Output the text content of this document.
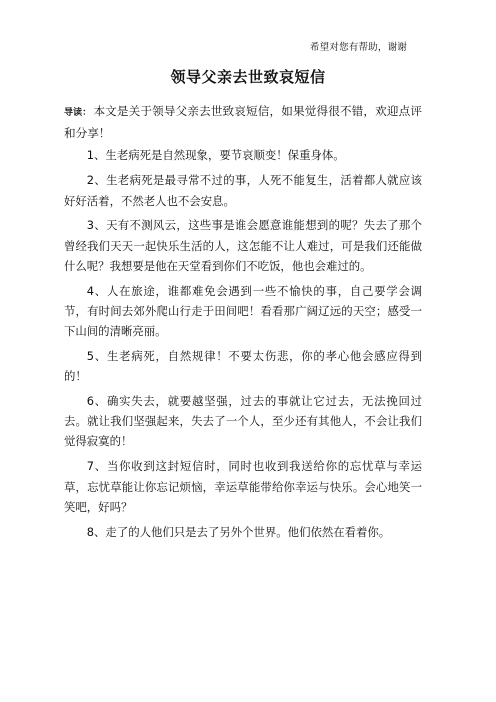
希望对您有帮助，谢谢
领导父亲去世致哀短信

导读： 本文是关于领导父亲去世致哀短信，如果觉得很不错，欢迎点评和分享！

1、生老病死是自然现象，要节哀顺变！保重身体。

2、生老病死是最寻常不过的事，人死不能复生，活着都人就应该好好活着，不然老人也不会安息。

3、天有不测风云，这些事是谁会愿意谁能想到的呢？失去了那个曾经我们天天一起快乐生活的人，这怎能不让人难过，可是我们还能做什么呢？我想要是他在天堂看到你们不吃饭，他也会难过的。

4、人在旅途，谁都难免会遇到一些不愉快的事，自己要学会调节，有时间去郊外爬山行走于田间吧！看看那广阔辽远的天空；感受一下山间的清晰亮丽。

5、生老病死，自然规律！不要太伤悲，你的孝心他会感应得到的！

6、确实失去，就要越坚强，过去的事就让它过去，无法挽回过去。就让我们坚强起来，失去了一个人，至少还有其他人，不会让我们觉得寂寞的！

7、当你收到这封短信时，同时也收到我送给你的忘忧草与幸运草，忘忧草能让你忘记烦恼，幸运草能带给你幸运与快乐。会心地笑一笑吧，好吗？

8、走了的人他们只是去了另外个世界。他们依然在看着你。
